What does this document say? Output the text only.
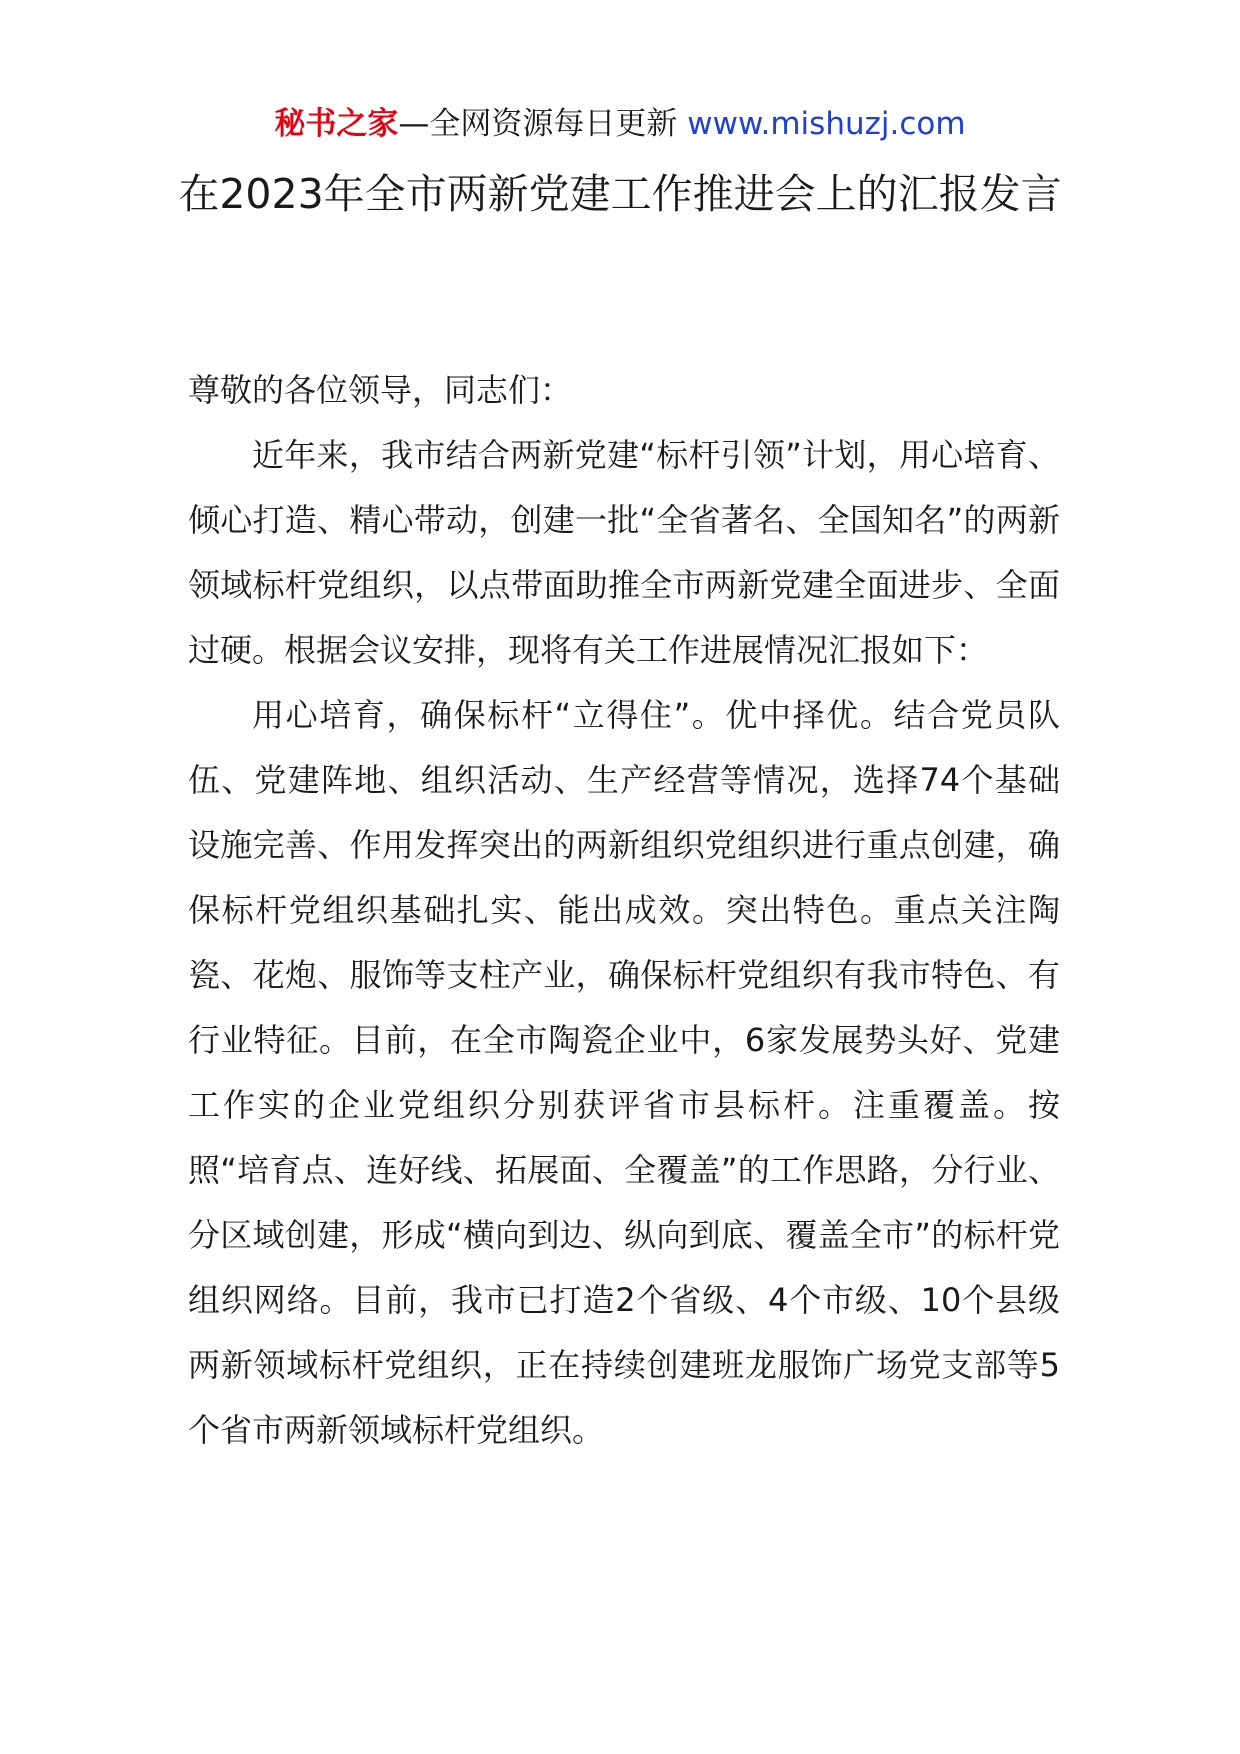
秘书之家—全网资源每日更新 www.mishuzj.com
在2023年全市两新党建工作推进会上的汇报发言

尊敬的各位领导，同志们：

近年来，我市结合两新党建“标杆引领”计划，用心培育、倾心打造、精心带动，创建一批“全省著名、全国知名”的两新领域标杆党组织，以点带面助推全市两新党建全面进步、全面过硬。根据会议安排，现将有关工作进展情况汇报如下：

用心培育，确保标杆“立得住”。优中择优。结合党员队伍、党建阵地、组织活动、生产经营等情况，选择74个基础设施完善、作用发挥突出的两新组织党组织进行重点创建，确保标杆党组织基础扎实、能出成效。突出特色。重点关注陶瓷、花炮、服饰等支柱产业，确保标杆党组织有我市特色、有行业特征。目前，在全市陶瓷企业中，6家发展势头好、党建工作实的企业党组织分别获评省市县标杆。注重覆盖。按照“培育点、连好线、拓展面、全覆盖”的工作思路，分行业、分区域创建，形成“横向到边、纵向到底、覆盖全市”的标杆党组织网络。目前，我市已打造2个省级、4个市级、10个县级两新领域标杆党组织，正在持续创建班龙服饰广场党支部等5个省市两新领域标杆党组织。
